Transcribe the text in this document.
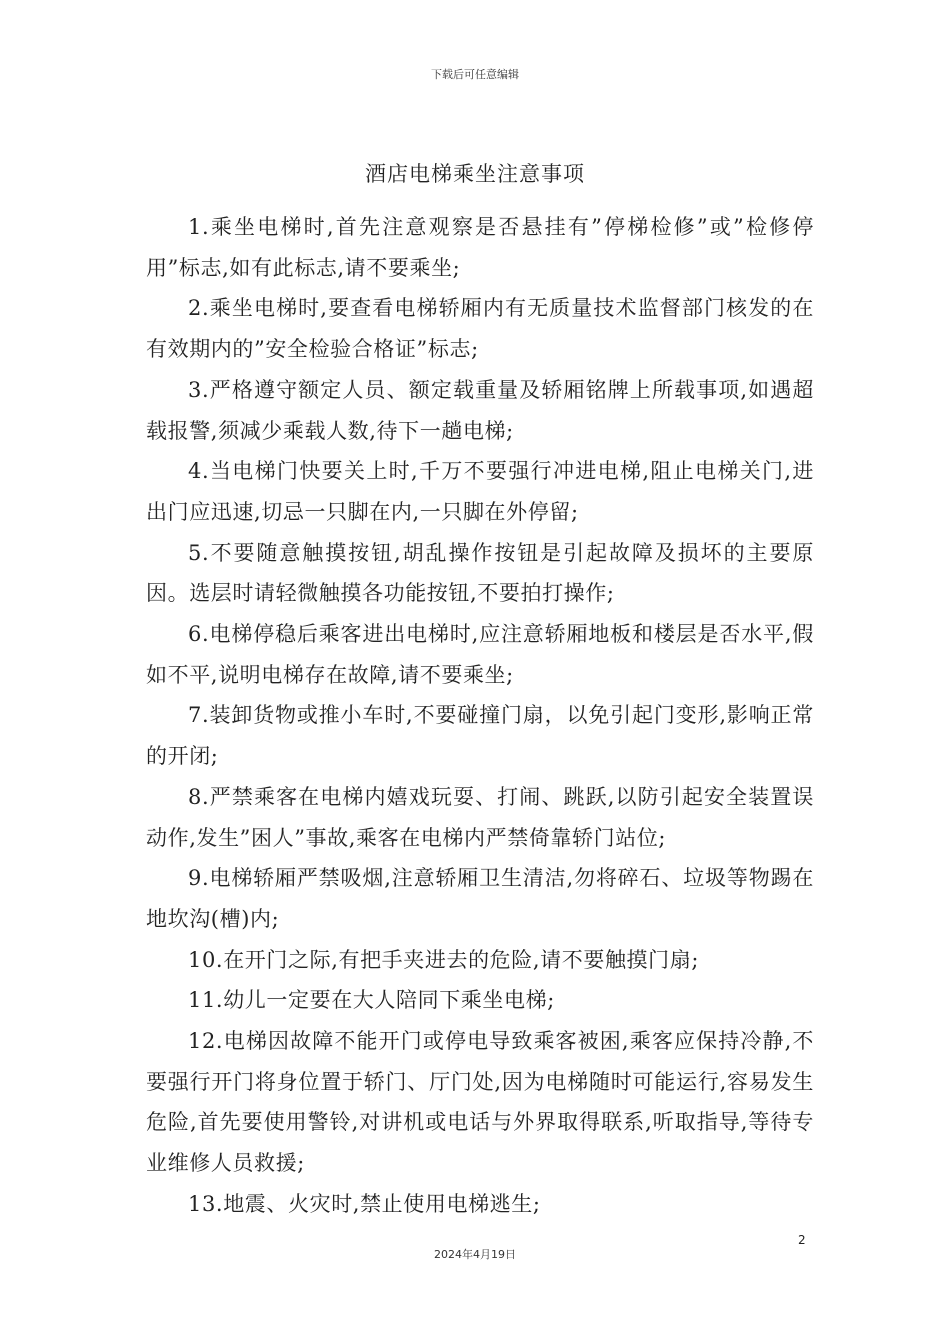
下载后可任意编辑
酒店电梯乘坐注意事项

1.乘坐电梯时,首先注意观察是否悬挂有”停梯检修”或”检修停用”标志,如有此标志,请不要乘坐;

2.乘坐电梯时,要查看电梯轿厢内有无质量技术监督部门核发的在有效期内的”安全检验合格证”标志;

3.严格遵守额定人员、额定载重量及轿厢铭牌上所载事项,如遇超载报警,须减少乘载人数,待下一趟电梯;

4.当电梯门快要关上时,千万不要强行冲进电梯,阻止电梯关门,进出门应迅速,切忌一只脚在内,一只脚在外停留;

5.不要随意触摸按钮,胡乱操作按钮是引起故障及损坏的主要原因。选层时请轻微触摸各功能按钮,不要拍打操作;

6.电梯停稳后乘客进出电梯时,应注意轿厢地板和楼层是否水平,假如不平,说明电梯存在故障,请不要乘坐;

7.装卸货物或推小车时,不要碰撞门扇，以免引起门变形,影响正常的开闭;

8.严禁乘客在电梯内嬉戏玩耍、打闹、跳跃,以防引起安全装置误动作,发生”困人”事故,乘客在电梯内严禁倚靠轿门站位;

9.电梯轿厢严禁吸烟,注意轿厢卫生清洁,勿将碎石、垃圾等物踢在地坎沟(槽)内;

10.在开门之际,有把手夹进去的危险,请不要触摸门扇;

11.幼儿一定要在大人陪同下乘坐电梯;

12.电梯因故障不能开门或停电导致乘客被困,乘客应保持冷静,不要强行开门将身位置于轿门、厅门处,因为电梯随时可能运行,容易发生危险,首先要使用警铃,对讲机或电话与外界取得联系,听取指导,等待专业维修人员救援;

13.地震、火灾时,禁止使用电梯逃生;

2
2024年4月19日
